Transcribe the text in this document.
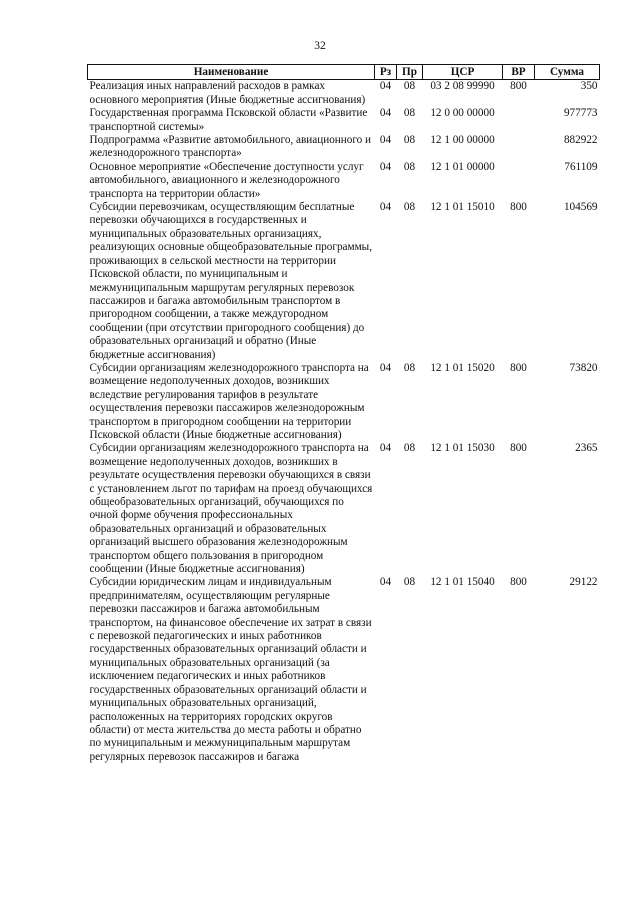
32
Наименование	Рз	Пр	ЦСР	ВР	Сумма
Реализация иных направлений расходов в рамках основного мероприятия (Иные бюджетные ассигнования)	04	08	03 2 08 99990	800	350
Государственная программа Псковской области «Развитие транспортной системы»	04	08	12 0 00 00000		977773
Подпрограмма «Развитие автомобильного, авиационного и железнодорожного транспорта»	04	08	12 1 00 00000		882922
Основное мероприятие «Обеспечение доступности услуг автомобильного, авиационного и железнодорожного транспорта на территории области»	04	08	12 1 01 00000		761109
Субсидии перевозчикам, осуществляющим бесплатные перевозки обучающихся в государственных и муниципальных образовательных организациях, реализующих основные общеобразовательные программы, проживающих в сельской местности на территории Псковской области, по муниципальным и межмуниципальным маршрутам регулярных перевозок пассажиров и багажа автомобильным транспортом в пригородном сообщении, а также междугородном сообщении (при отсутствии пригородного сообщения) до образовательных организаций и обратно (Иные бюджетные ассигнования)	04	08	12 1 01 15010	800	104569
Субсидии организациям железнодорожного транспорта на возмещение недополученных доходов, возникших вследствие регулирования тарифов в результате осуществления перевозки пассажиров железнодорожным транспортом в пригородном сообщении на территории Псковской области (Иные бюджетные ассигнования)	04	08	12 1 01 15020	800	73820
Субсидии организациям железнодорожного транспорта на возмещение недополученных доходов, возникших в результате осуществления перевозки обучающихся в связи с установлением льгот по тарифам на проезд обучающихся общеобразовательных организаций, обучающихся по очной форме обучения профессиональных образовательных организаций и образовательных организаций высшего образования железнодорожным транспортом общего пользования в пригородном сообщении (Иные бюджетные ассигнования)	04	08	12 1 01 15030	800	2365
Субсидии юридическим лицам и индивидуальным предпринимателям, осуществляющим регулярные перевозки пассажиров и багажа автомобильным транспортом, на финансовое обеспечение их затрат в связи с перевозкой педагогических и иных работников государственных образовательных организаций области и муниципальных образовательных организаций (за исключением педагогических и иных работников государственных образовательных организаций области и муниципальных образовательных организаций, расположенных на территориях городских округов области) от места жительства до места работы и обратно по муниципальным и межмуниципальным маршрутам регулярных перевозок пассажиров и багажа	04	08	12 1 01 15040	800	29122
